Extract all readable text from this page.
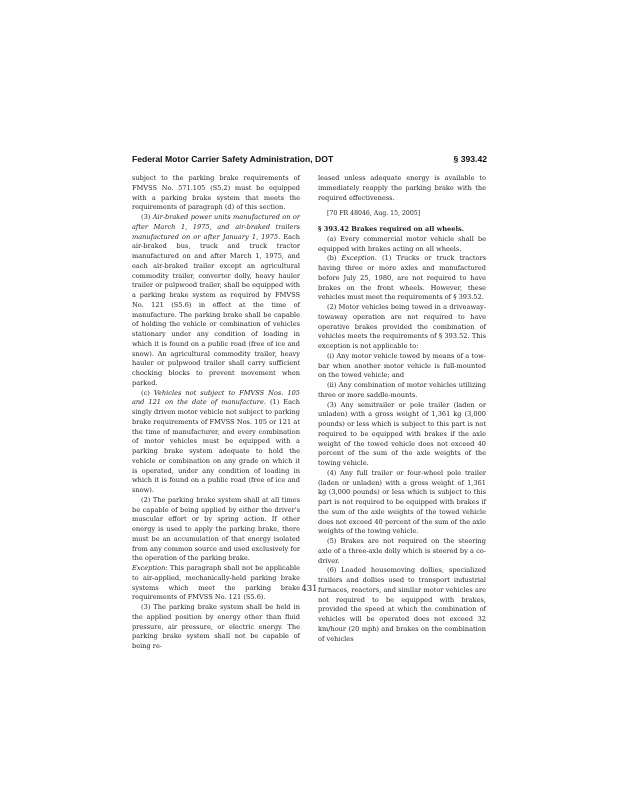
Federal Motor Carrier Safety Administration, DOT	§ 393.42

subject to the parking brake requirements of FMVSS No. 571.105 (S5.2) must be equipped with a parking brake system that meets the requirements of paragraph (d) of this section.

(3) Air-braked power units manufactured on or after March 1, 1975, and air-braked trailers manufactured on or after January 1, 1975. Each air-braked bus, truck and truck tractor manufactured on and after March 1, 1975, and each air-braked trailer except an agricultural commodity trailer, converter dolly, heavy hauler trailer or pulpwood trailer, shall be equipped with a parking brake system as required by FMVSS No. 121 (S5.6) in effect at the time of manufacture. The parking brake shall be capable of holding the vehicle or combination of vehicles stationary under any condition of loading in which it is found on a public road (free of ice and snow). An agricultural commodity trailer, heavy hauler or pulpwood trailer shall carry sufficient chocking blocks to prevent movement when parked.

(c) Vehicles not subject to FMVSS Nos. 105 and 121 on the date of manufacture. (1) Each singly driven motor vehicle not subject to parking brake requirements of FMVSS Nos. 105 or 121 at the time of manufacturer, and every combination of motor vehicles must be equipped with a parking brake system adequate to hold the vehicle or combination on any grade on which it is operated, under any condition of loading in which it is found on a public road (free of ice and snow).

(2) The parking brake system shall at all times be capable of being applied by either the driver's muscular effort or by spring action. If other energy is used to apply the parking brake, there must be an accumulation of that energy isolated from any common source and used exclusively for the operation of the parking brake.

Exception: This paragraph shall not be applicable to air-applied, mechanically-held parking brake systems which meet the parking brake requirements of FMVSS No. 121 (S5.6).

(3) The parking brake system shall be held in the applied position by energy other than fluid pressure, air pressure, or electric energy. The parking brake system shall not be capable of being re-

leased unless adequate energy is available to immediately reapply the parking brake with the required effectiveness.

[70 FR 48046, Aug. 15, 2005]

§ 393.42 Brakes required on all wheels.

(a) Every commercial motor vehicle shall be equipped with brakes acting on all wheels.

(b) Exception. (1) Trucks or truck tractors having three or more axles and manufactured before July 25, 1980, are not required to have brakes on the front wheels. However, these vehicles must meet the requirements of § 393.52.

(2) Motor vehicles being towed in a driveaway-towaway operation are not required to have operative brakes provided the combination of vehicles meets the requirements of § 393.52. This exception is not applicable to:

(i) Any motor vehicle towed by means of a tow-bar when another motor vehicle is full-mounted on the towed vehicle; and

(ii) Any combination of motor vehicles utilizing three or more saddle-mounts.

(3) Any semitrailer or pole trailer (laden or unladen) with a gross weight of 1,361 kg (3,000 pounds) or less which is subject to this part is not required to be equipped with brakes if the axle weight of the towed vehicle does not exceed 40 percent of the sum of the axle weights of the towing vehicle.

(4) Any full trailer or four-wheel pole trailer (laden or unladen) with a gross weight of 1,361 kg (3,000 pounds) or less which is subject to this part is not required to be equipped with brakes if the sum of the axle weights of the towed vehicle does not exceed 40 percent of the sum of the axle weights of the towing vehicle.

(5) Brakes are not required on the steering axle of a three-axle dolly which is steered by a co-driver.

(6) Loaded housemoving dollies, specialized trailers and dollies used to transport industrial furnaces, reactors, and similar motor vehicles are not required to be equipped with brakes, provided the speed at which the combination of vehicles will be operated does not exceed 32 km/hour (20 mph) and brakes on the combination of vehicles

431
